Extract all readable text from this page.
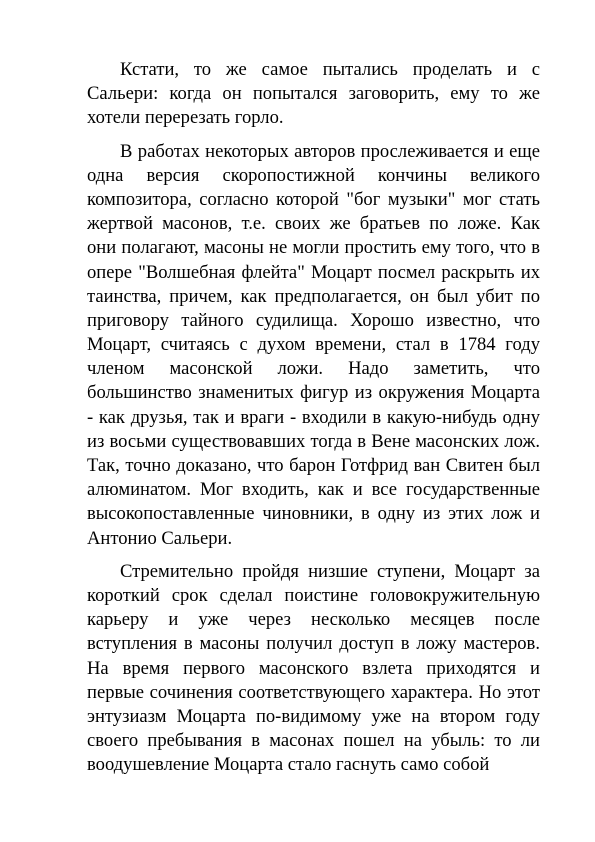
Кстати, то же самое пытались проделать и с
Сальери: когда он попытался заговорить, ему то же
хотели перерезать горло.
В работах некоторых авторов прослеживается и еще
одна версия скоропостижной кончины великого
композитора, согласно которой "бог музыки" мог стать
жертвой масонов, т.е. своих же братьев по ложе. Как
они полагают, масоны не могли простить ему того, что в
опере "Волшебная флейта" Моцарт посмел раскрыть их
таинства, причем, как предполагается, он был убит по
приговору тайного судилища. Хорошо известно, что
Моцарт, считаясь с духом времени, стал в 1784 году
членом масонской ложи. Надо заметить, что
большинство знаменитых фигур из окружения Моцарта
- как друзья, так и враги - входили в какую-нибудь одну
из восьми существовавших тогда в Вене масонских лож.
Так, точно доказано, что барон Готфрид ван Свитен был
алюминатом. Мог входить, как и все государственные
высокопоставленные чиновники, в одну из этих лож и
Антонио Сальери.
Стремительно пройдя низшие ступени, Моцарт за
короткий срок сделал поистине головокружительную
карьеру и уже через несколько месяцев после
вступления в масоны получил доступ в ложу мастеров.
На время первого масонского взлета приходятся и
первые сочинения соответствующего характера. Но этот
энтузиазм Моцарта по-видимому уже на втором году
своего пребывания в масонах пошел на убыль: то ли
воодушевление Моцарта стало гаснуть само собой
